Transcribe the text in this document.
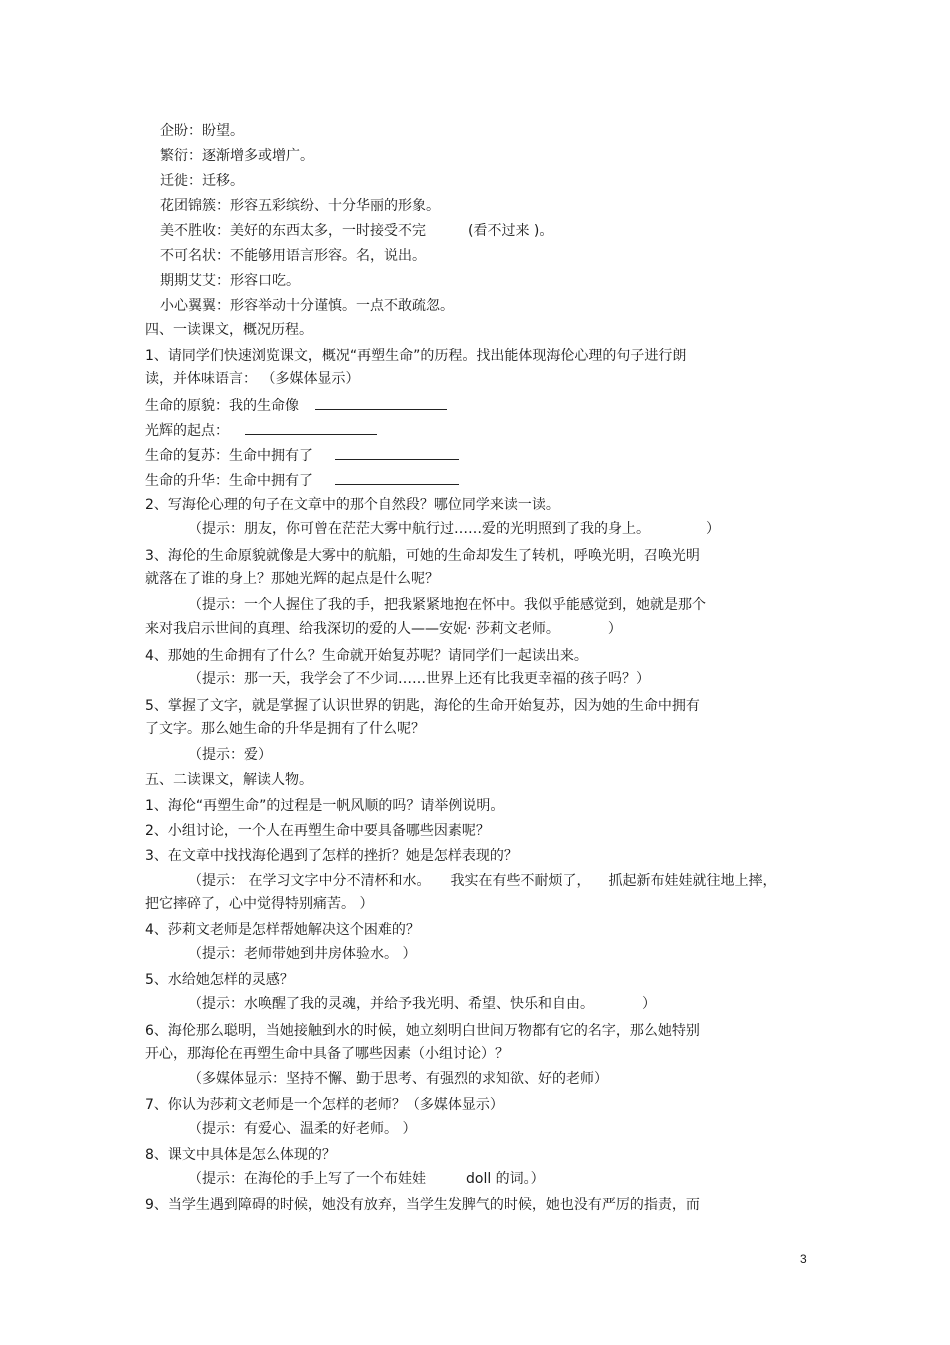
企盼：盼望。
繁衍：逐渐增多或增广。
迁徙：迁移。
花团锦簇：形容五彩缤纷、十分华丽的形象。
美不胜收：美好的东西太多，一时接受不完	(看不过来 )。
不可名状：不能够用语言形容。名，说出。
期期艾艾：形容口吃。
小心翼翼：形容举动十分谨慎。一点不敢疏忽。
四、一读课文，概况历程。
1、请同学们快速浏览课文，概况“再塑生命”的历程。找出能体现海伦心理的句子进行朗
读，并体味语言： （多媒体显示）
生命的原貌：我的生命像
光辉的起点：
生命的复苏：生命中拥有了
生命的升华：生命中拥有了
2、写海伦心理的句子在文章中的那个自然段？哪位同学来读一读。
（提示：朋友，你可曾在茫茫大雾中航行过……爱的光明照到了我的身上。	）
3、海伦的生命原貌就像是大雾中的航船，可她的生命却发生了转机，呼唤光明，召唤光明
就落在了谁的身上？那她光辉的起点是什么呢？
（提示：一个人握住了我的手，把我紧紧地抱在怀中。我似乎能感觉到，她就是那个
来对我启示世间的真理、给我深切的爱的人——安妮· 莎莉文老师。	）
4、那她的生命拥有了什么？生命就开始复苏呢？请同学们一起读出来。
（提示：那一天，我学会了不少词……世界上还有比我更幸福的孩子吗？）
5、掌握了文字，就是掌握了认识世界的钥匙，海伦的生命开始复苏，因为她的生命中拥有
了文字。那么她生命的升华是拥有了什么呢？
（提示：爱）
五、二读课文，解读人物。
1、海伦“再塑生命”的过程是一帆风顺的吗？请举例说明。
2、小组讨论，一个人在再塑生命中要具备哪些因素呢？
3、在文章中找找海伦遇到了怎样的挫折？她是怎样表现的？
（提示： 在学习文字中分不清杯和水。 我实在有些不耐烦了， 抓起新布娃娃就往地上摔，
把它摔碎了，心中觉得特别痛苦。 ）
4、莎莉文老师是怎样帮她解决这个困难的？
（提示：老师带她到井房体验水。 ）
5、水给她怎样的灵感？
（提示：水唤醒了我的灵魂，并给予我光明、希望、快乐和自由。	）
6、海伦那么聪明，当她接触到水的时候，她立刻明白世间万物都有它的名字，那么她特别
开心，那海伦在再塑生命中具备了哪些因素（小组讨论）？
（多媒体显示：坚持不懈、勤于思考、有强烈的求知欲、好的老师）
7、你认为莎莉文老师是一个怎样的老师？（多媒体显示）
（提示：有爱心、温柔的好老师。 ）
8、课文中具体是怎么体现的？
（提示：在海伦的手上写了一个布娃娃	doll 的词。）
9、当学生遇到障碍的时候，她没有放弃，当学生发脾气的时候，她也没有严厉的指责，而
3
